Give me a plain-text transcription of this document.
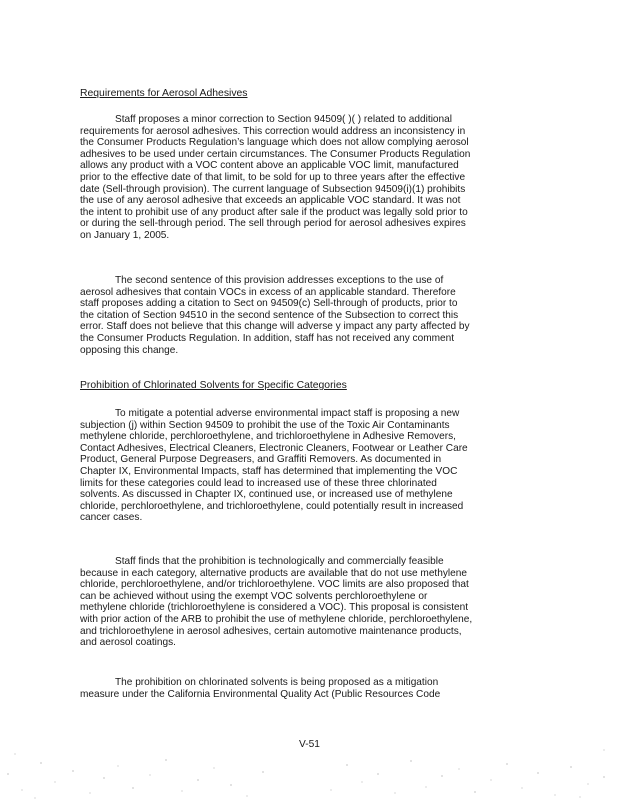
Requirements for Aerosol Adhesives
Staff proposes a minor correction to Section 94509( )( ) related to additional
requirements for aerosol adhesives. This correction would address an inconsistency in
the Consumer Products Regulation’s language which does not allow complying aerosol
adhesives to be used under certain circumstances. The Consumer Products Regulation
allows any product with a VOC content above an applicable VOC limit, manufactured
prior to the effective date of that limit, to be sold for up to three years after the effective
date (Sell-through provision). The current language of Subsection 94509(i)(1) prohibits
the use of any aerosol adhesive that exceeds an applicable VOC standard. It was not
the intent to prohibit use of any product after sale if the product was legally sold prior to
or during the sell-through period. The sell through period for aerosol adhesives expires
on January 1, 2005.
The second sentence of this provision addresses exceptions to the use of
aerosol adhesives that contain VOCs in excess of an applicable standard. Therefore
staff proposes adding a citation to Sect on 94509(c) Sell-through of products, prior to
the citation of Section 94510 in the second sentence of the Subsection to correct this
error. Staff does not believe that this change will adverse y impact any party affected by
the Consumer Products Regulation. In addition, staff has not received any comment
opposing this change.
Prohibition of Chlorinated Solvents for Specific Categories
To mitigate a potential adverse environmental impact staff is proposing a new
subjection (j) within Section 94509 to prohibit the use of the Toxic Air Contaminants
methylene chloride, perchloroethylene, and trichloroethylene in Adhesive Removers,
Contact Adhesives, Electrical Cleaners, Electronic Cleaners, Footwear or Leather Care
Product, General Purpose Degreasers, and Graffiti Removers. As documented in
Chapter IX, Environmental Impacts, staff has determined that implementing the VOC
limits for these categories could lead to increased use of these three chlorinated
solvents. As discussed in Chapter IX, continued use, or increased use of methylene
chloride, perchloroethylene, and trichloroethylene, could potentially result in increased
cancer cases.
Staff finds that the prohibition is technologically and commercially feasible
because in each category, alternative products are available that do not use methylene
chloride, perchloroethylene, and/or trichloroethylene. VOC limits are also proposed that
can be achieved without using the exempt VOC solvents perchloroethylene or
methylene chloride (trichloroethylene is considered a VOC). This proposal is consistent
with prior action of the ARB to prohibit the use of methylene chloride, perchloroethylene,
and trichloroethylene in aerosol adhesives, certain automotive maintenance products,
and aerosol coatings.
The prohibition on chlorinated solvents is being proposed as a mitigation
measure under the California Environmental Quality Act (Public Resources Code
V-51
